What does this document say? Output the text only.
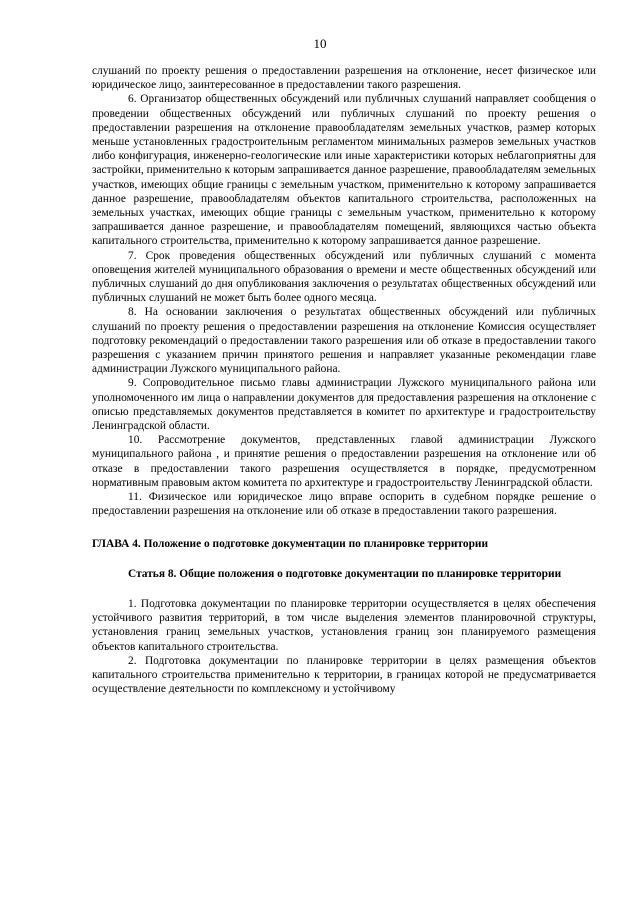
10

слушаний по проекту решения о предоставлении разрешения на отклонение, несет физическое или юридическое лицо, заинтересованное в предоставлении такого разрешения.

6. Организатор общественных обсуждений или публичных слушаний направляет сообщения о проведении общественных обсуждений или публичных слушаний по проекту решения о предоставлении разрешения на отклонение правообладателям земельных участков, размер которых меньше установленных градостроительным регламентом минимальных размеров земельных участков либо конфигурация, инженерно-геологические или иные характеристики которых неблагоприятны для застройки, применительно к которым запрашивается данное разрешение, правообладателям земельных участков, имеющих общие границы с земельным участком, применительно к которому запрашивается данное разрешение, правообладателям объектов капитального строительства, расположенных на земельных участках, имеющих общие границы с земельным участком, применительно к которому запрашивается данное разрешение, и правообладателям помещений, являющихся частью объекта капитального строительства, применительно к которому запрашивается данное разрешение.

7. Срок проведения общественных обсуждений или публичных слушаний с момента оповещения жителей муниципального образования о времени и месте общественных обсуждений или публичных слушаний до дня опубликования заключения о результатах общественных обсуждений или публичных слушаний не может быть более одного месяца.

8. На основании заключения о результатах общественных обсуждений или публичных слушаний по проекту решения о предоставлении разрешения на отклонение Комиссия осуществляет подготовку рекомендаций о предоставлении такого разрешения или об отказе в предоставлении такого разрешения с указанием причин принятого решения и направляет указанные рекомендации главе администрации Лужского муниципального района.

9. Сопроводительное письмо главы администрации Лужского муниципального района или уполномоченного им лица о направлении документов для предоставления разрешения на отклонение с описью представляемых документов представляется в комитет по архитектуре и градостроительству Ленинградской области.

10. Рассмотрение документов, представленных главой администрации Лужского муниципального района , и принятие решения о предоставлении разрешения на отклонение или об отказе в предоставлении такого разрешения осуществляется в порядке, предусмотренном нормативным правовым актом комитета по архитектуре и градостроительству Ленинградской области.

11. Физическое или юридическое лицо вправе оспорить в судебном порядке решение о предоставлении разрешения на отклонение или об отказе в предоставлении такого разрешения.

ГЛАВА 4. Положение о подготовке документации по планировке территории

Статья 8. Общие положения о подготовке документации по планировке территории

1. Подготовка документации по планировке территории осуществляется в целях обеспечения устойчивого развития территорий, в том числе выделения элементов планировочной структуры, установления границ земельных участков, установления границ зон планируемого размещения объектов капитального строительства.

2. Подготовка документации по планировке территории в целях размещения объектов капитального строительства применительно к территории, в границах которой не предусматривается осуществление деятельности по комплексному и устойчивому
